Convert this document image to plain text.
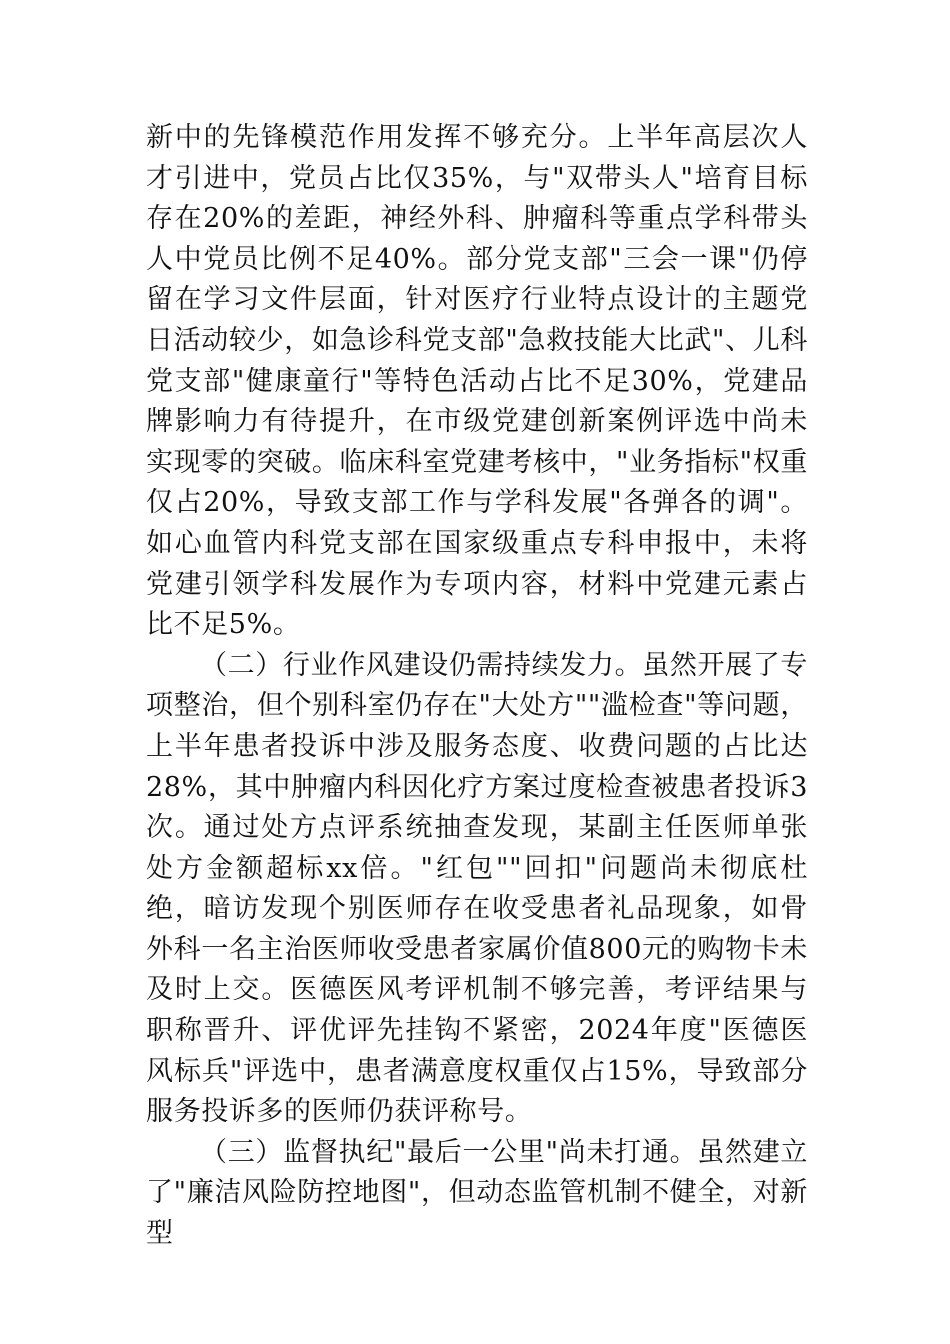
新中的先锋模范作用发挥不够充分。上半年高层次人才引进中，党员占比仅35%，与"双带头人"培育目标存在20%的差距，神经外科、肿瘤科等重点学科带头人中党员比例不足40%。部分党支部"三会一课"仍停留在学习文件层面，针对医疗行业特点设计的主题党日活动较少，如急诊科党支部"急救技能大比武"、儿科党支部"健康童行"等特色活动占比不足30%，党建品牌影响力有待提升，在市级党建创新案例评选中尚未实现零的突破。临床科室党建考核中，"业务指标"权重仅占20%，导致支部工作与学科发展"各弹各的调"。如心血管内科党支部在国家级重点专科申报中，未将党建引领学科发展作为专项内容，材料中党建元素占比不足5%。

（二）行业作风建设仍需持续发力。虽然开展了专项整治，但个别科室仍存在"大处方""滥检查"等问题，上半年患者投诉中涉及服务态度、收费问题的占比达28%，其中肿瘤内科因化疗方案过度检查被患者投诉3次。通过处方点评系统抽查发现，某副主任医师单张处方金额超标xx倍。"红包""回扣"问题尚未彻底杜绝，暗访发现个别医师存在收受患者礼品现象，如骨外科一名主治医师收受患者家属价值800元的购物卡未及时上交。医德医风考评机制不够完善，考评结果与职称晋升、评优评先挂钩不紧密，2024年度"医德医风标兵"评选中，患者满意度权重仅占15%，导致部分服务投诉多的医师仍获评称号。

（三）监督执纪"最后一公里"尚未打通。虽然建立了"廉洁风险防控地图"，但动态监管机制不健全，对新型
